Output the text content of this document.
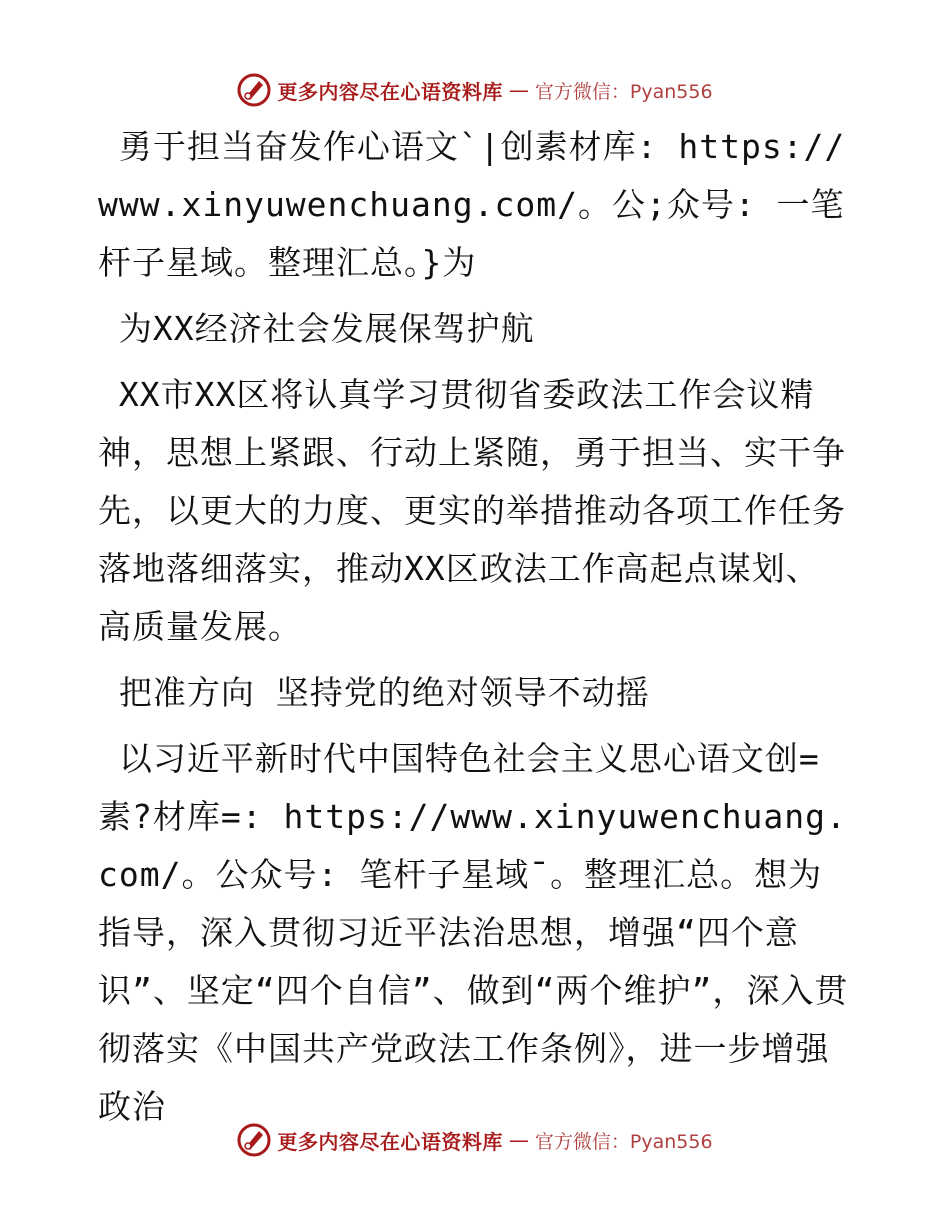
更多内容尽在心语资料库 — 官方微信：Pyan556

勇于担当奋发作心语文`|创素材库: https://www.xinyuwenchuang.com/。公;众号: 一笔杆子星域。整理汇总。}为

为XX经济社会发展保驾护航

XX市XX区将认真学习贯彻省委政法工作会议精神，思想上紧跟、行动上紧随，勇于担当、实干争先，以更大的力度、更实的举措推动各项工作任务落地落细落实，推动XX区政法工作高起点谋划、高质量发展。

把准方向 坚持党的绝对领导不动摇

以习近平新时代中国特色社会主义思心语文创=素?材库=: https://www.xinyuwenchuang.com/。公众号: 笔杆子星域¯。整理汇总。想为指导，深入贯彻习近平法治思想，增强“四个意识”、坚定“四个自信”、做到“两个维护”，深入贯彻落实《中国共产党政法工作条例》，进一步增强政治

更多内容尽在心语资料库 — 官方微信：Pyan556
